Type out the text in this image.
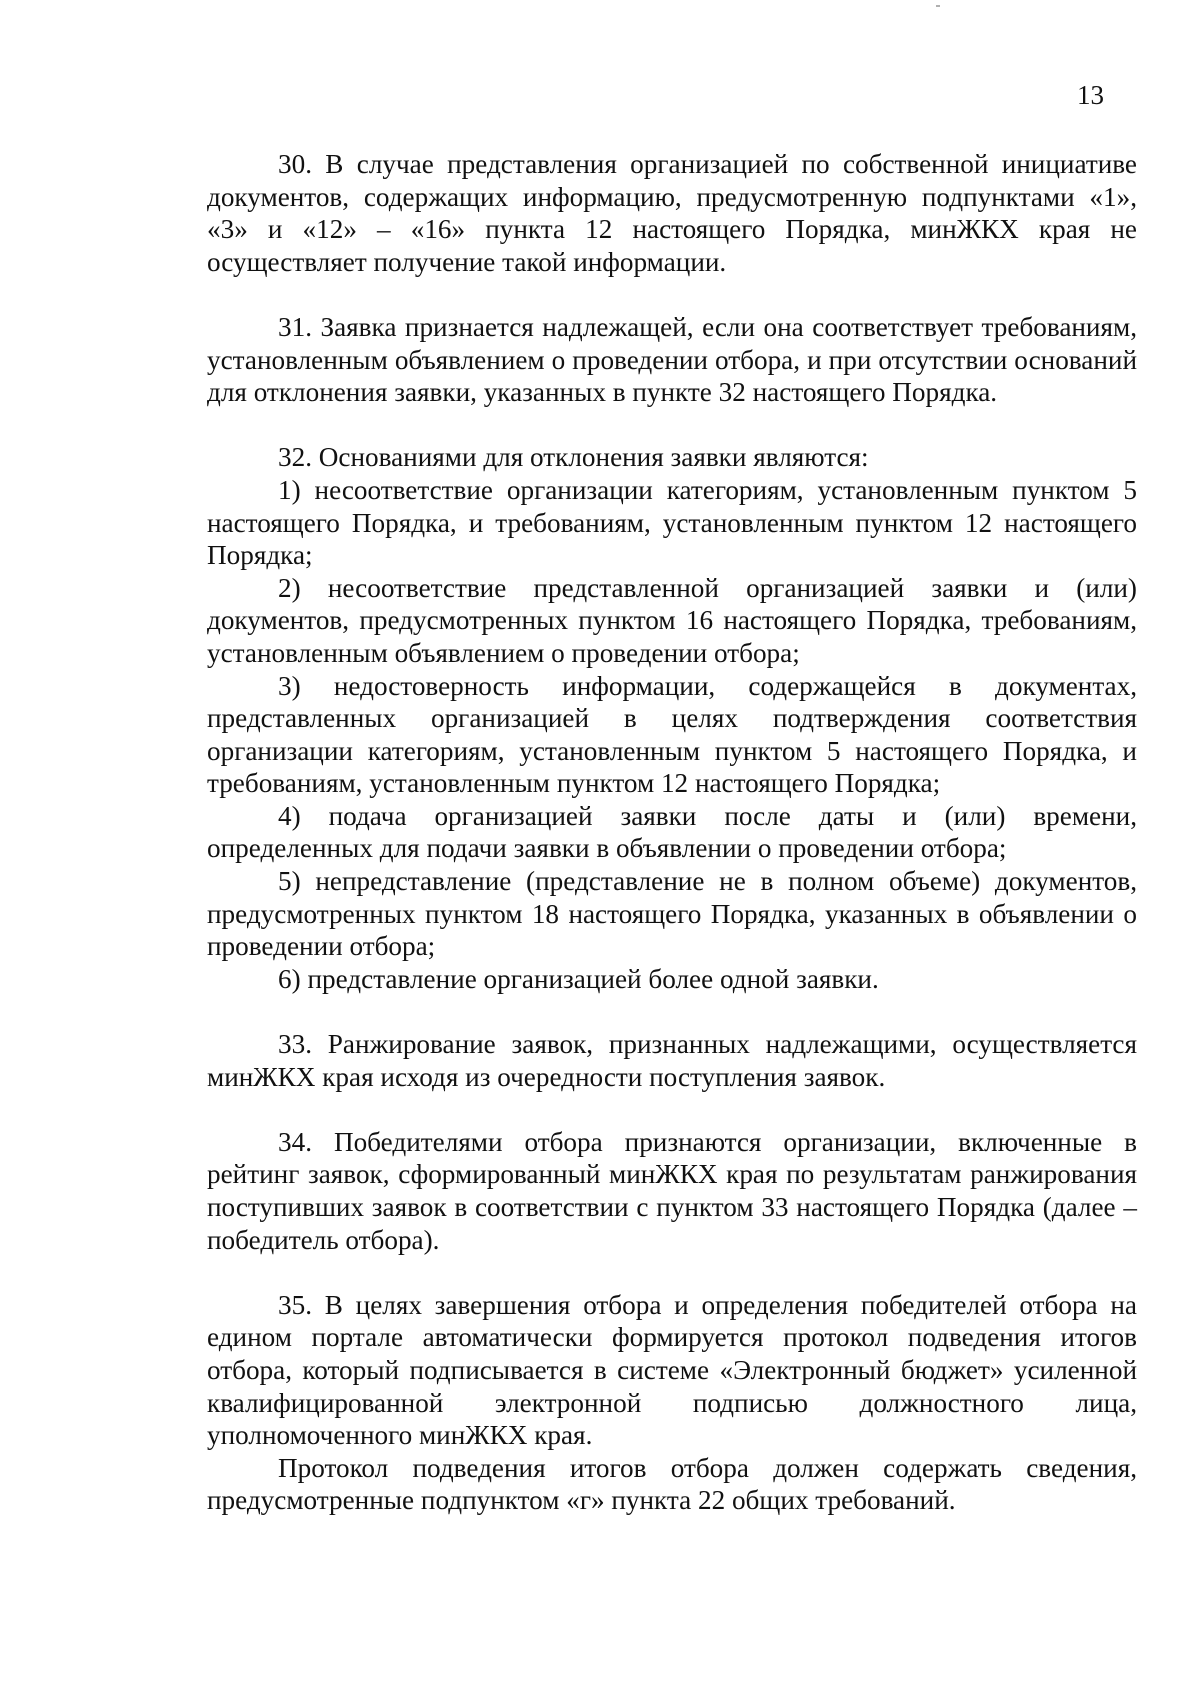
13

30. В случае представления организацией по собственной инициативе документов, содержащих информацию, предусмотренную подпунктами «1», «3» и «12» – «16» пункта 12 настоящего Порядка, минЖКХ края не осуществляет получение такой информации.

31. Заявка признается надлежащей, если она соответствует требованиям, установленным объявлением о проведении отбора, и при отсутствии оснований для отклонения заявки, указанных в пункте 32 настоящего Порядка.

32. Основаниями для отклонения заявки являются:

1) несоответствие организации категориям, установленным пунктом 5 настоящего Порядка, и требованиям, установленным пунктом 12 настоящего Порядка;

2) несоответствие представленной организацией заявки и (или) документов, предусмотренных пунктом 16 настоящего Порядка, требованиям, установленным объявлением о проведении отбора;

3) недостоверность информации, содержащейся в документах, представленных организацией в целях подтверждения соответствия организации категориям, установленным пунктом 5 настоящего Порядка, и требованиям, установленным пунктом 12 настоящего Порядка;

4) подача организацией заявки после даты и (или) времени, определенных для подачи заявки в объявлении о проведении отбора;

5) непредставление (представление не в полном объеме) документов, предусмотренных пунктом 18 настоящего Порядка, указанных в объявлении о проведении отбора;

6) представление организацией более одной заявки.

33. Ранжирование заявок, признанных надлежащими, осуществляется минЖКХ края исходя из очередности поступления заявок.

34. Победителями отбора признаются организации, включенные в рейтинг заявок, сформированный минЖКХ края по результатам ранжирования поступивших заявок в соответствии с пунктом 33 настоящего Порядка (далее – победитель отбора).

35. В целях завершения отбора и определения победителей отбора на едином портале автоматически формируется протокол подведения итогов отбора, который подписывается в системе «Электронный бюджет» усиленной квалифицированной электронной подписью должностного лица, уполномоченного минЖКХ края.

Протокол подведения итогов отбора должен содержать сведения, предусмотренные подпунктом «г» пункта 22 общих требований.
